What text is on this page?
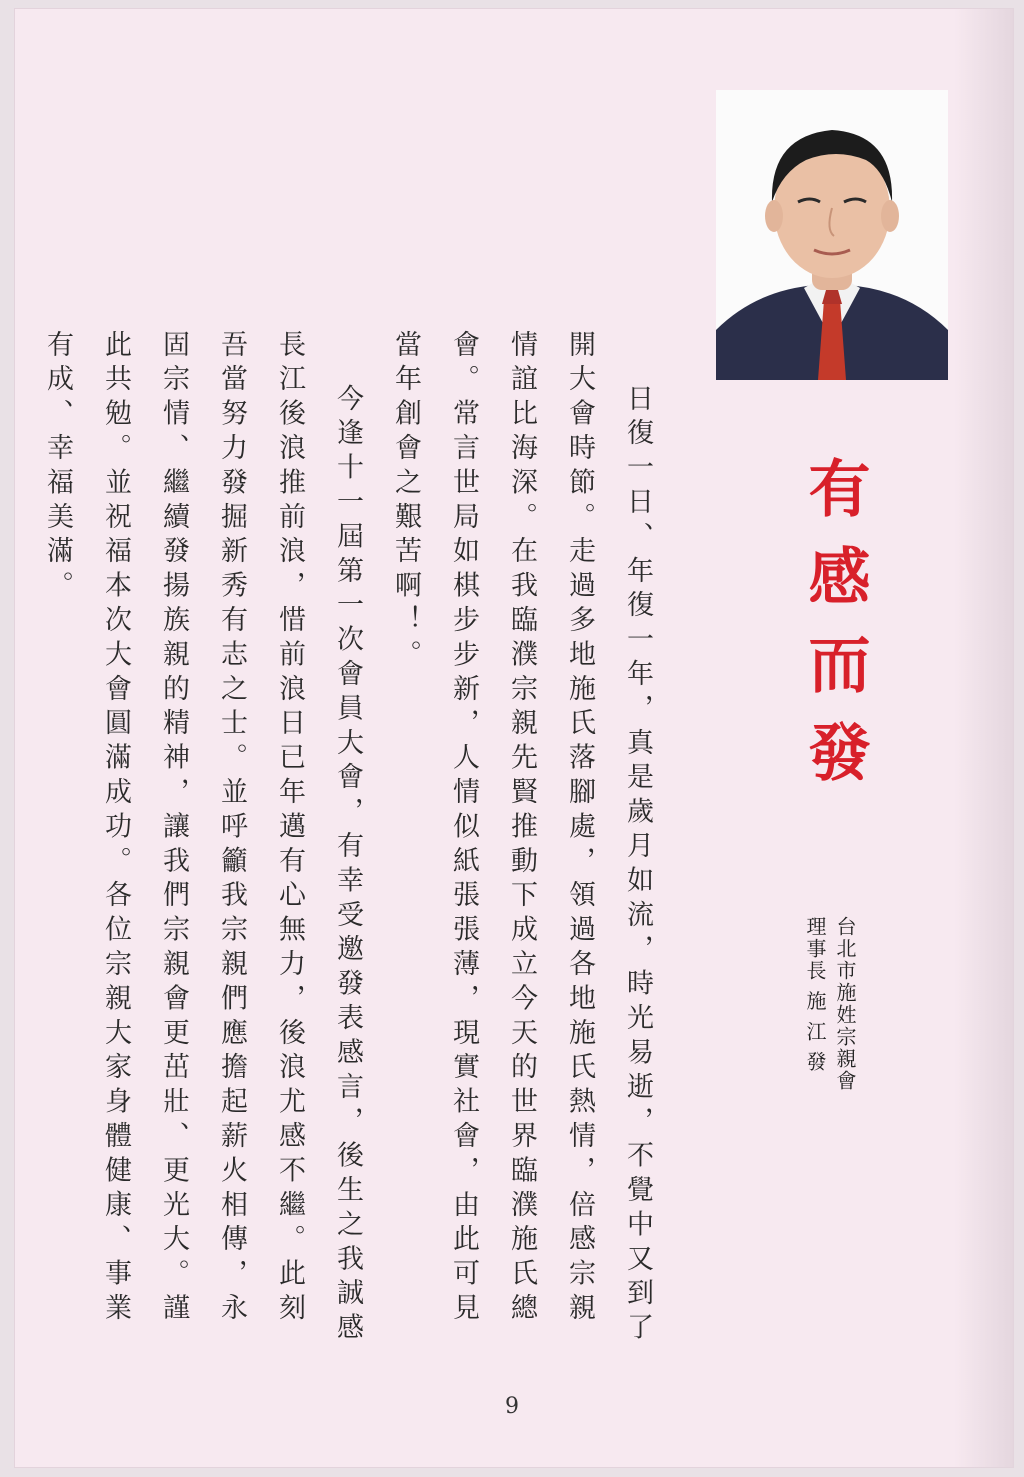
有感而發
台北市施姓宗親會
理事長 施 江 發

日復一日、年復一年，真是歲月如流，時光易逝，不覺中又到了開大會時節。走過多地施氏落腳處，領過各地施氏熱情，倍感宗親情誼比海深。在我臨濮宗親先賢推動下成立今天的世界臨濮施氏總會。常言世局如棋步步新，人情似紙張張薄，現實社會，由此可見當年創會之艱苦啊！。

今逢十一屆第一次會員大會，有幸受邀發表感言，後生之我誠感長江後浪推前浪，惜前浪日已年邁有心無力，後浪尤感不繼。此刻吾當努力發掘新秀有志之士。並呼籲我宗親們應擔起薪火相傳，永固宗情、繼續發揚族親的精神，讓我們宗親會更茁壯、更光大。謹此共勉。並祝福本次大會圓滿成功。各位宗親大家身體健康、事業有成、幸福美滿。

9
